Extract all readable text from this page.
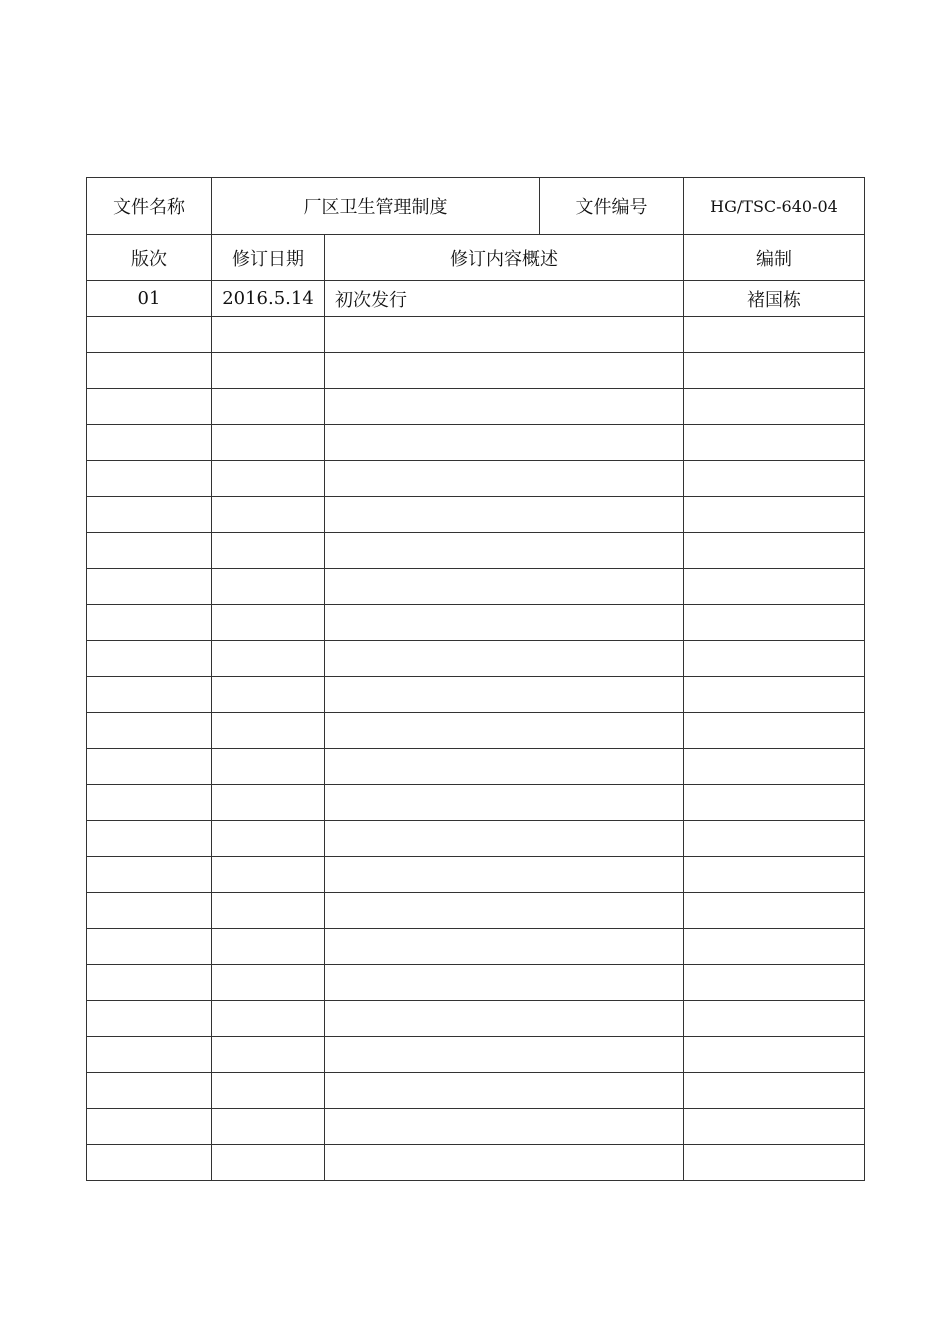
文件名称	厂区卫生管理制度		文件编号	HG/TSC-640-04
版次	修订日期	修订内容概述		编制
01	2016.5.14	初次发行		褚国栋
